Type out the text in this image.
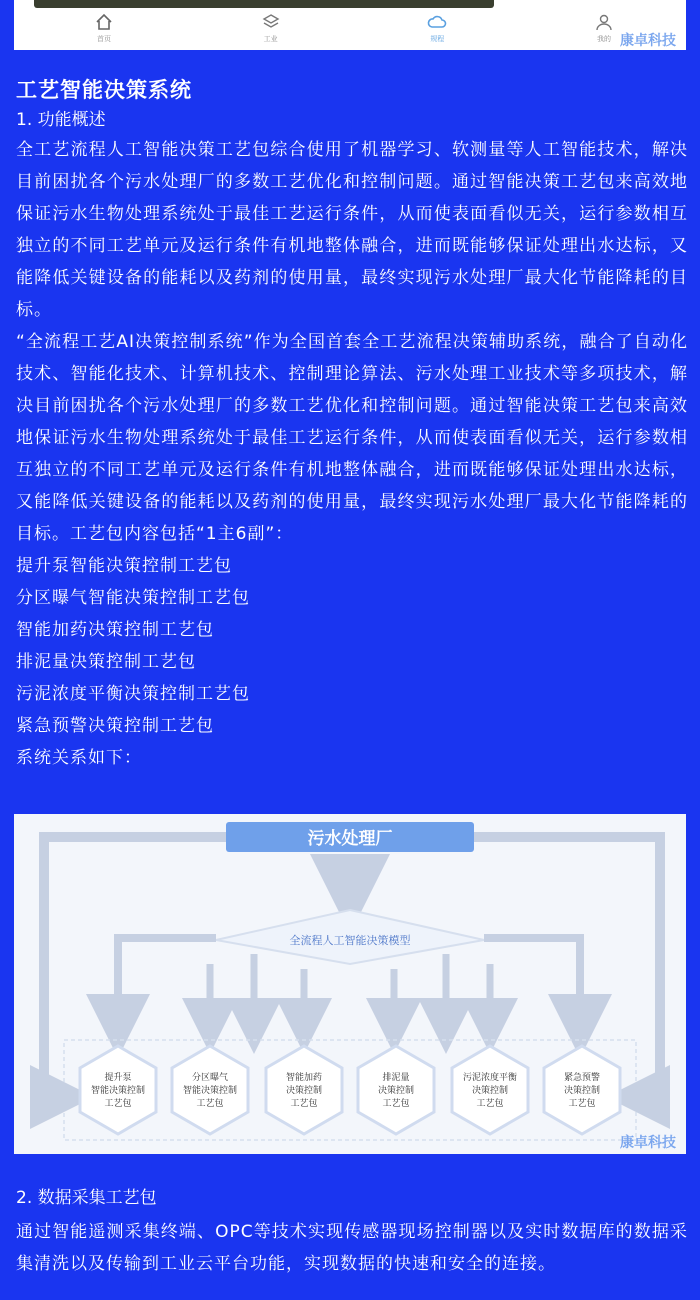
首页	工业	规程	我的 康卓科技

工艺智能决策系统

1. 功能概述

全工艺流程人工智能决策工艺包综合使用了机器学习、软测量等人工智能技术，解决目前困扰各个污水处理厂的多数工艺优化和控制问题。通过智能决策工艺包来高效地保证污水生物处理系统处于最佳工艺运行条件，从而使表面看似无关，运行参数相互独立的不同工艺单元及运行条件有机地整体融合，进而既能够保证处理出水达标，又能降低关键设备的能耗以及药剂的使用量，最终实现污水处理厂最大化节能降耗的目标。

“全流程工艺AI决策控制系统”作为全国首套全工艺流程决策辅助系统，融合了自动化技术、智能化技术、计算机技术、控制理论算法、污水处理工业技术等多项技术，解决目前困扰各个污水处理厂的多数工艺优化和控制问题。通过智能决策工艺包来高效地保证污水生物处理系统处于最佳工艺运行条件，从而使表面看似无关，运行参数相互独立的不同工艺单元及运行条件有机地整体融合，进而既能够保证处理出水达标，又能降低关键设备的能耗以及药剂的使用量，最终实现污水处理厂最大化节能降耗的目标。工艺包内容包括“1主6副”：

提升泵智能决策控制工艺包

分区曝气智能决策控制工艺包

智能加药决策控制工艺包

排泥量决策控制工艺包

污泥浓度平衡决策控制工艺包

紧急预警决策控制工艺包

系统关系如下：

污水处理厂
全流程人工智能决策模型
提升泵
智能决策控制
工艺包
分区曝气
智能决策控制
工艺包
智能加药
决策控制
工艺包
排泥量
决策控制
工艺包
污泥浓度平衡
决策控制
工艺包
紧急预警
决策控制
工艺包
康卓科技

2. 数据采集工艺包

通过智能遥测采集终端、OPC等技术实现传感器现场控制器以及实时数据库的数据采集清洗以及传输到工业云平台功能，实现数据的快速和安全的连接。
